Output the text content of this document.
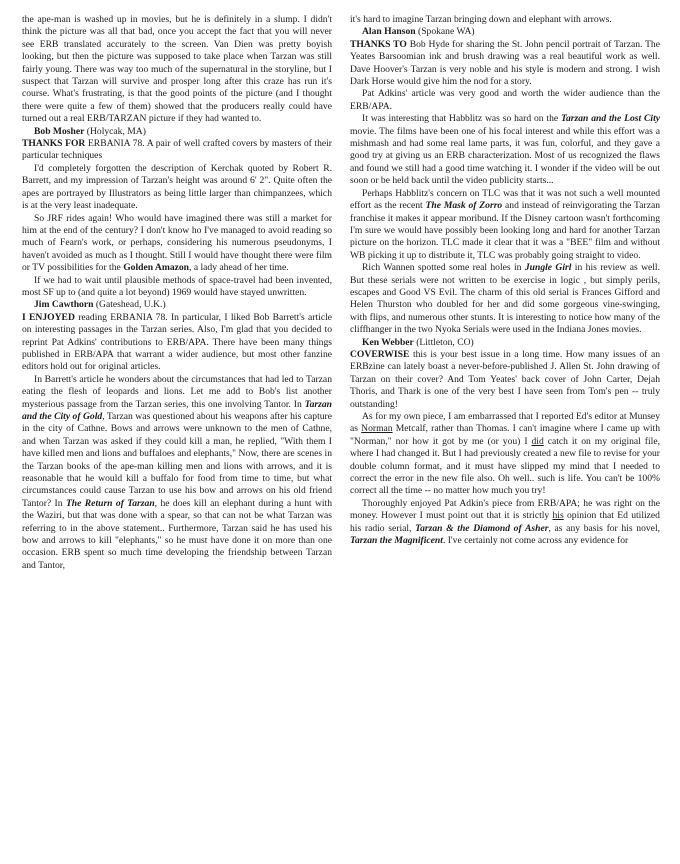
the ape-man is washed up in movies, but he is definitely in a slump. I didn't think the picture was all that bad, once you accept the fact that you will never see ERB translated accurately to the screen. Van Dien was pretty boyish looking, but then the picture was supposed to take place when Tarzan was still fairly young. There was way too much of the supernatural in the storyline, but I suspect that Tarzan will survive and prosper long after this craze has run it's course. What's frustrating, is that the good points of the picture (and I thought there were quite a few of them) showed that the producers really could have turned out a real ERB/TARZAN picture if they had wanted to.

Bob Mosher (Holycak, MA)

THANKS FOR ERBANIA 78. A pair of well crafted covers by masters of their particular techniques

I'd completely forgotten the description of Kerchak quoted by Robert R. Barrett, and my impression of Tarzan's height was around 6' 2". Quite often the apes are portrayed by Illustrators as being little larger than chimpanzees, which is at the very least inadequate.

So JRF rides again! Who would have imagined there was still a market for him at the end of the century? I don't know ho I've managed to avoid reading so much of Fearn's work, or perhaps, considering his numerous pseudonyms, I haven't avoided as much as I thought. Still I would have thought there were film or TV possibilities for the Golden Amazon, a lady ahead of her time.

If we had to wait until plausible methods of space-travel had been invented, most SF up to (and quite a lot beyond) 1969 would have stayed unwritten.

Jim Cawthorn (Gateshead, U.K.)

I ENJOYED reading ERBANIA 78. In particular, I liked Bob Barrett's article on interesting passages in the Tarzan series. Also, I'm glad that you decided to reprint Pat Adkins' contributions to ERB/APA. There have been many things published in ERB/APA that warrant a wider audience, but most other fanzine editors hold out for original articles.

In Barrett's article he wonders about the circumstances that had led to Tarzan eating the flesh of leopards and lions. Let me add to Bob's list another mysterious passage from the Tarzan series, this one involving Tantor. In Tarzan and the City of Gold, Tarzan was questioned about his weapons after his capture in the city of Cathne. Bows and arrows were unknown to the men of Cathne, and when Tarzan was asked if they could kill a man, he replied, "With them I have killed men and lions and buffaloes and elephants," Now, there are scenes in the Tarzan books of the ape-man killing men and lions with arrows, and it is reasonable that he would kill a buffalo for food from time to time, but what circumstances could cause Tarzan to use his bow and arrows on his old friend Tantor? In The Return of Tarzan, he does kill an elephant during a hunt with the Waziri, but that was done with a spear, so that can not be what Tarzan was referring to in the above statement.. Furthermore, Tarzan said he has used his bow and arrows to kill "elephants," so he must have done it on more than one occasion. ERB spent so much time developing the friendship between Tarzan and Tantor,

it's hard to imagine Tarzan bringing down and elephant with arrows.

Alan Hanson (Spokane WA)

THANKS TO Bob Hyde for sharing the St. John pencil portrait of Tarzan. The Yeates Barsoomian ink and brush drawing was a real beautiful work as well. Dave Hoover's Tarzan is very noble and his style is modern and strong. I wish Dark Horse would give him the nod for a story.

Pat Adkins' article was very good and worth the wider audience than the ERB/APA.

It was interesting that Habblitz was so hard on the Tarzan and the Lost City movie. The films have been one of his focal interest and while this effort was a mishmash and had some real lame parts, it was fun, colorful, and they gave a good try at giving us an ERB characterization. Most of us recognized the flaws and found we still had a good time watching it. I wonder if the video will be out soon or be held back until the video publicity starts...

Perhaps Habblitz's concern on TLC was that it was not such a well mounted effort as the recent The Mask of Zorro and instead of reinvigorating the Tarzan franchise it makes it appear moribund. If the Disney cartoon wasn't forthcoming I'm sure we would have possibly been looking long and hard for another Tarzan picture on the horizon. TLC made it clear that it was a "BEE" film and without WB picking it up to distribute it, TLC was probably going straight to video.

Rich Wannen spotted some real holes in Jungle Girl in his review as well. But these serials were not written to be exercise in logic , but simply perils, escapes and Good VS Evil. The charm of this old serial is Frances Gifford and Helen Thurston who doubled for her and did some gorgeous vine-swinging, with flips, and numerous other stunts. It is interesting to notice how many of the cliffhanger in the two Nyoka Serials were used in the Indiana Jones movies.

Ken Webber (Littleton, CO)

COVERWISE this is your best issue in a long time. How many issues of an ERBzine can lately boast a never-before-published J. Allen St. John drawing of Tarzan on their cover? And Tom Yeates' back cover of John Carter, Dejah Thoris, and Thark is one of the very best I have seen from Tom's pen -- truly outstanding!

As for my own piece, I am embarrassed that I reported Ed's editor at Munsey as Norman Metcalf, rather than Thomas. I can't imagine where I came up with "Norman," nor how it got by me (or you) I did catch it on my original file, where I had changed it. But I had previously created a new file to revise for your double column format, and it must have slipped my mind that I needed to correct the error in the new file also. Oh well.. such is life. You can't be 100% correct all the time -- no matter how much you try!

Thoroughly enjoyed Pat Adkin's piece from ERB/APA; he was right on the money. However I must point out that it is strictly his opinion that Ed utilized his radio serial, Tarzan & the Diamond of Asher, as any basis for his novel, Tarzan the Magnificent. I've certainly not come across any evidence for
